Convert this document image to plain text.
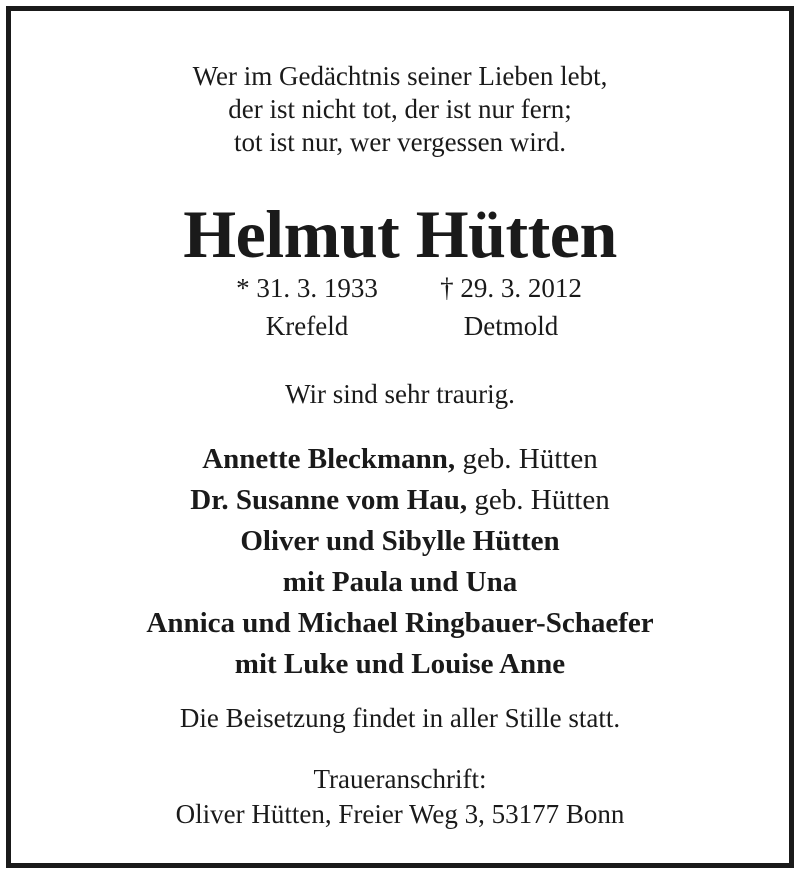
Wer im Gedächtnis seiner Lieben lebt,
der ist nicht tot, der ist nur fern;
tot ist nur, wer vergessen wird.
Helmut Hütten
* 31. 3. 1933
Krefeld
† 29. 3. 2012
Detmold
Wir sind sehr traurig.
Annette Bleckmann, geb. Hütten
Dr. Susanne vom Hau, geb. Hütten
Oliver und Sibylle Hütten
mit Paula und Una
Annica und Michael Ringbauer-Schaefer
mit Luke und Louise Anne
Die Beisetzung findet in aller Stille statt.
Traueranschrift:
Oliver Hütten, Freier Weg 3, 53177 Bonn
